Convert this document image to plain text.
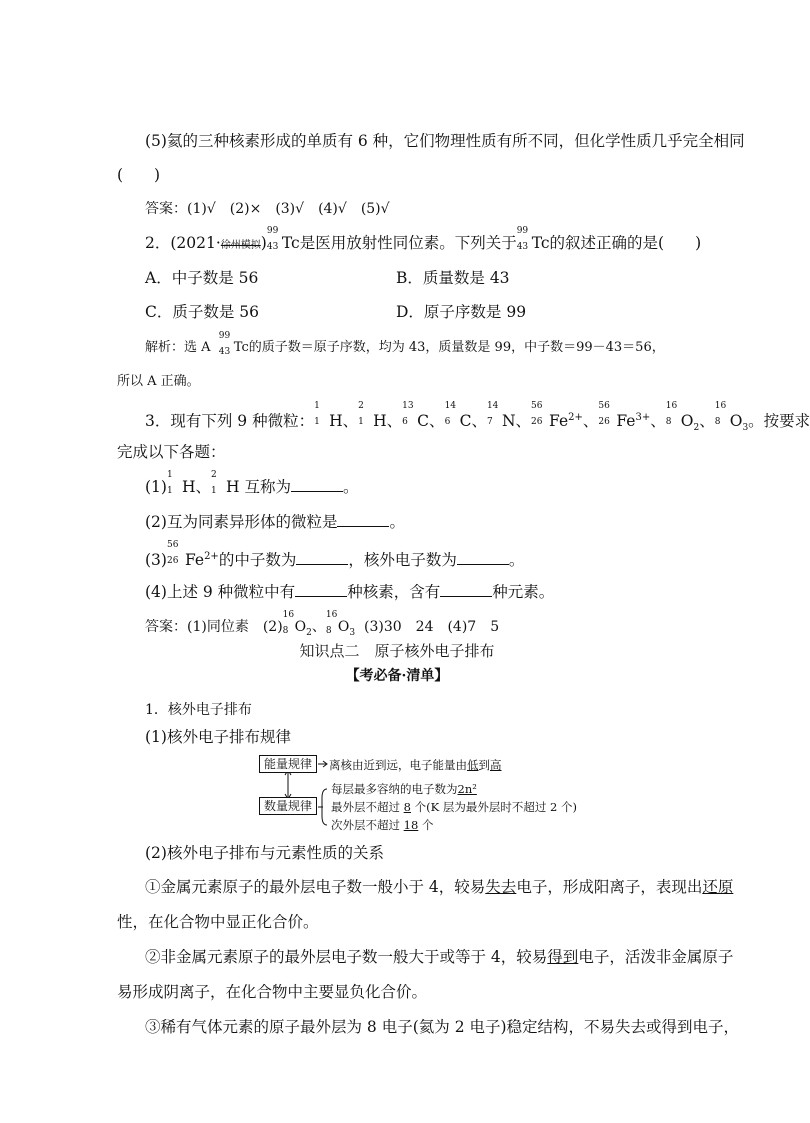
(5)氦的三种核素形成的单质有 6 种，它们物理性质有所不同，但化学性质几乎完全相同
(　　)
答案：(1)√　(2)×　(3)√　(4)√　(5)√
2．(2021·徐州模拟)
99
43 Tc是医用放射性同位素。下列关于
99
43 Tc的叙述正确的是(　　)
A．中子数是 56	B．质量数是 43
C．质子数是 56	D．原子序数是 99
解析：选 A
99
43 Tc的质子数＝原子序数，均为 43，质量数是 99，中子数＝99－43＝56，
所以 A 正确。
3．现有下列 9 种微粒：
1
1 H、
2
1 H、
13
6 C、
14
6 C、
14
7 N、
56
26 $Fe^{2+}$、
56
26 $Fe^{3+}$、
16
8 $O_2$、
16
8 $O_3$。按要求
完成以下各题：
(1)
1
1 H、
2
1 H 互称为	。
(2)互为同素异形体的微粒是	。
(3)
56
26 $Fe^{2+}$的中子数为	，核外电子数为	。
(4)上述 9 种微粒中有	种核素，含有	种元素。
答案：(1)同位素　(2)
16
8 $O_2$、
16
8 $O_3$ (3)30　24　(4)7　5
知识点二　原子核外电子排布
【考必备·清单】
1．核外电子排布
(1)核外电子排布规律
能量规律
数量规律
离核由近到远，电子能量由低到高
每层最多容纳的电子数为2n²
最外层不超过 8 个(K 层为最外层时不超过 2 个)
次外层不超过 18 个
(2)核外电子排布与元素性质的关系
①金属元素原子的最外层电子数一般小于 4，较易失去电子，形成阳离子，表现出还原
性，在化合物中显正化合价。
②非金属元素原子的最外层电子数一般大于或等于 4，较易得到电子，活泼非金属原子
易形成阴离子，在化合物中主要显负化合价。
③稀有气体元素的原子最外层为 8 电子(氦为 2 电子)稳定结构，不易失去或得到电子，
